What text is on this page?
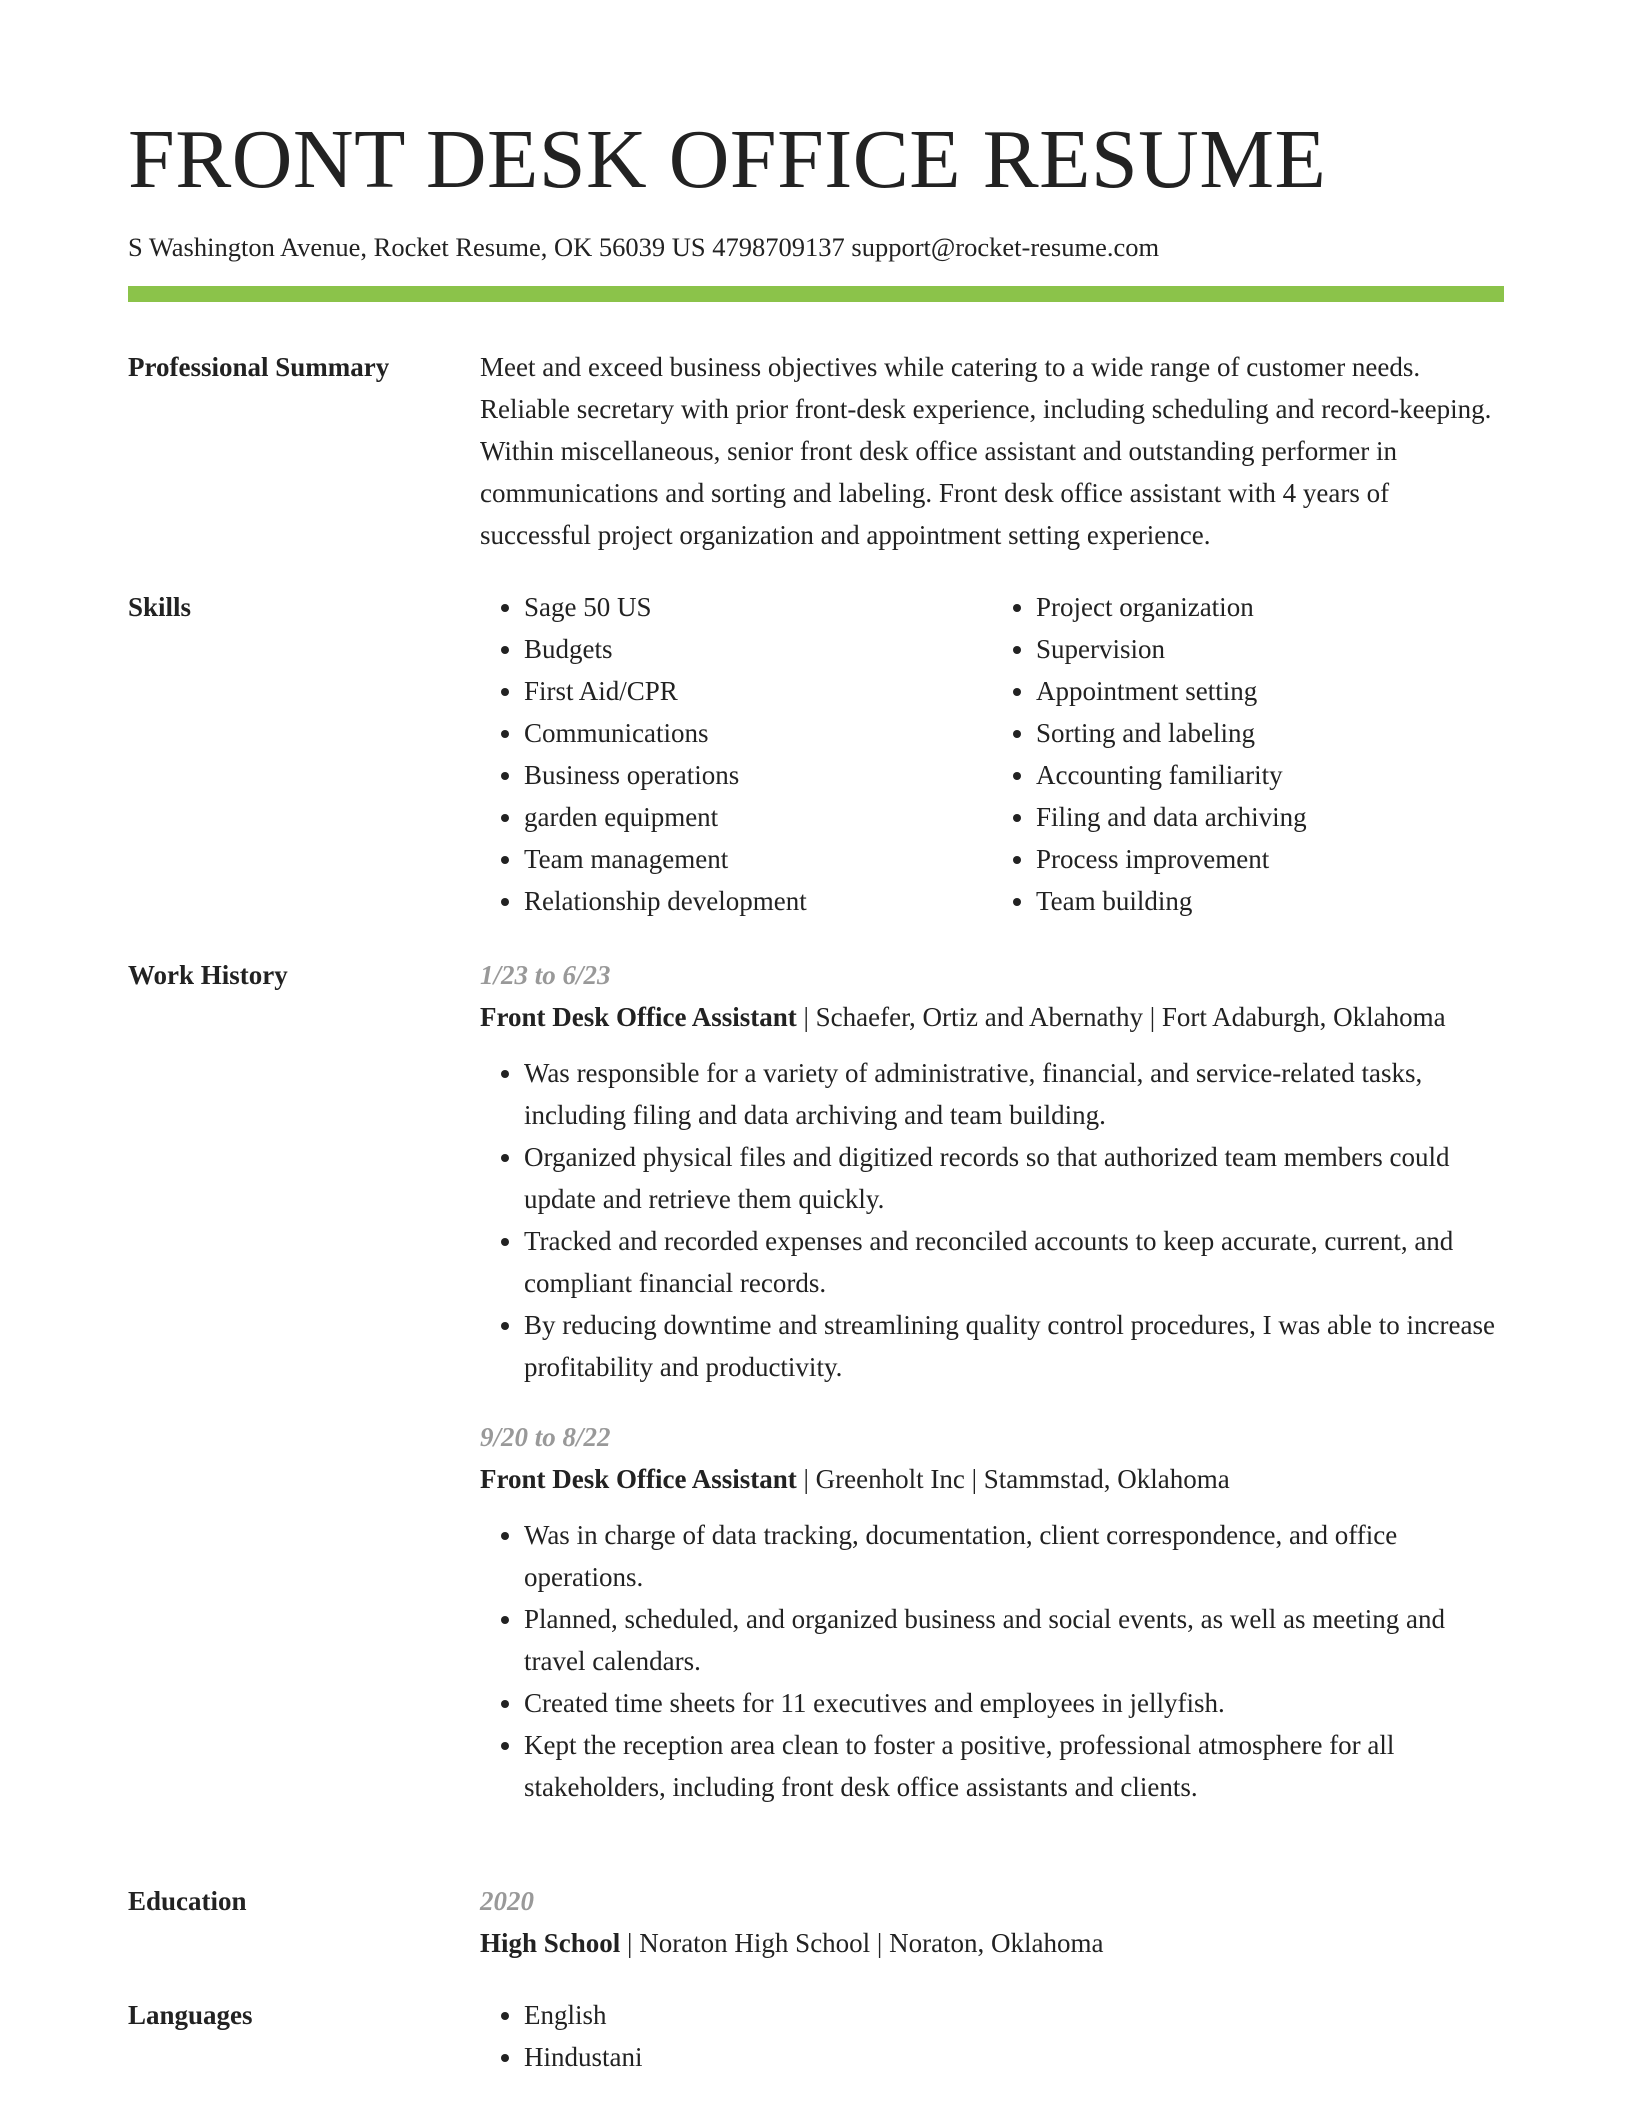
FRONT DESK OFFICE RESUME
S Washington Avenue, Rocket Resume, OK 56039 US 4798709137 support@rocket-resume.com
Professional Summary	Meet and exceed business objectives while catering to a wide range of customer needs. Reliable secretary with prior front-desk experience, including scheduling and record-keeping. Within miscellaneous, senior front desk office assistant and outstanding performer in communications and sorting and labeling. Front desk office assistant with 4 years of successful project organization and appointment setting experience.

Skills	• Sage 50 US
• Budgets
• First Aid/CPR
• Communications
• Business operations
• garden equipment
• Team management
• Relationship development
• Project organization
• Supervision
• Appointment setting
• Sorting and labeling
• Accounting familiarity
• Filing and data archiving
• Process improvement
• Team building
Work History	1/23 to 6/23

Front Desk Office Assistant | Schaefer, Ortiz and Abernathy | Fort Adaburgh, Oklahoma

• Was responsible for a variety of administrative, financial, and service-related tasks, including filing and data archiving and team building.
• Organized physical files and digitized records so that authorized team members could update and retrieve them quickly.
• Tracked and recorded expenses and reconciled accounts to keep accurate, current, and compliant financial records.
• By reducing downtime and streamlining quality control procedures, I was able to increase profitability and productivity.
9/20 to 8/22

Front Desk Office Assistant | Greenholt Inc | Stammstad, Oklahoma

• Was in charge of data tracking, documentation, client correspondence, and office operations.
• Planned, scheduled, and organized business and social events, as well as meeting and travel calendars.
• Created time sheets for 11 executives and employees in jellyfish.
• Kept the reception area clean to foster a positive, professional atmosphere for all stakeholders, including front desk office assistants and clients.
Education	2020

High School | Noraton High School | Noraton, Oklahoma

Languages	• English
• Hindustani
